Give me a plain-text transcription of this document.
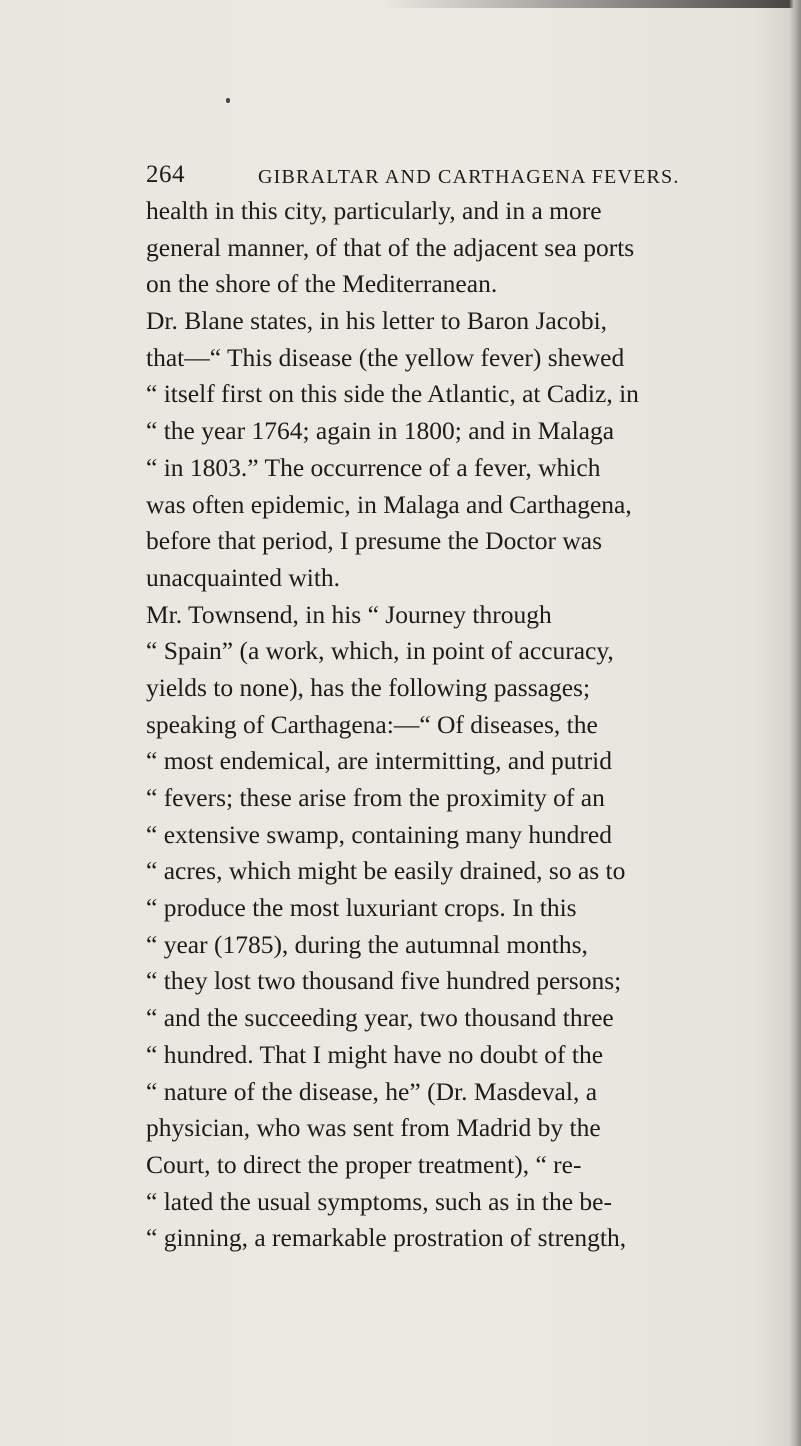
264	GIBRALTAR AND CARTHAGENA FEVERS.
health in this city, particularly, and in a more
general manner, of that of the adjacent sea ports
on the shore of the Mediterranean.
Dr. Blane states, in his letter to Baron Jacobi,
that—“ This disease (the yellow fever) shewed
“ itself first on this side the Atlantic, at Cadiz, in
“ the year 1764; again in 1800; and in Malaga
“ in 1803.” The occurrence of a fever, which
was often epidemic, in Malaga and Carthagena,
before that period, I presume the Doctor was
unacquainted with.
Mr. Townsend, in his “ Journey through
“ Spain” (a work, which, in point of accuracy,
yields to none), has the following passages;
speaking of Carthagena:—“ Of diseases, the
“ most endemical, are intermitting, and putrid
“ fevers; these arise from the proximity of an
“ extensive swamp, containing many hundred
“ acres, which might be easily drained, so as to
“ produce the most luxuriant crops. In this
“ year (1785), during the autumnal months,
“ they lost two thousand five hundred persons;
“ and the succeeding year, two thousand three
“ hundred. That I might have no doubt of the
“ nature of the disease, he” (Dr. Masdeval, a
physician, who was sent from Madrid by the
Court, to direct the proper treatment), “ re-
“ lated the usual symptoms, such as in the be-
“ ginning, a remarkable prostration of strength,
